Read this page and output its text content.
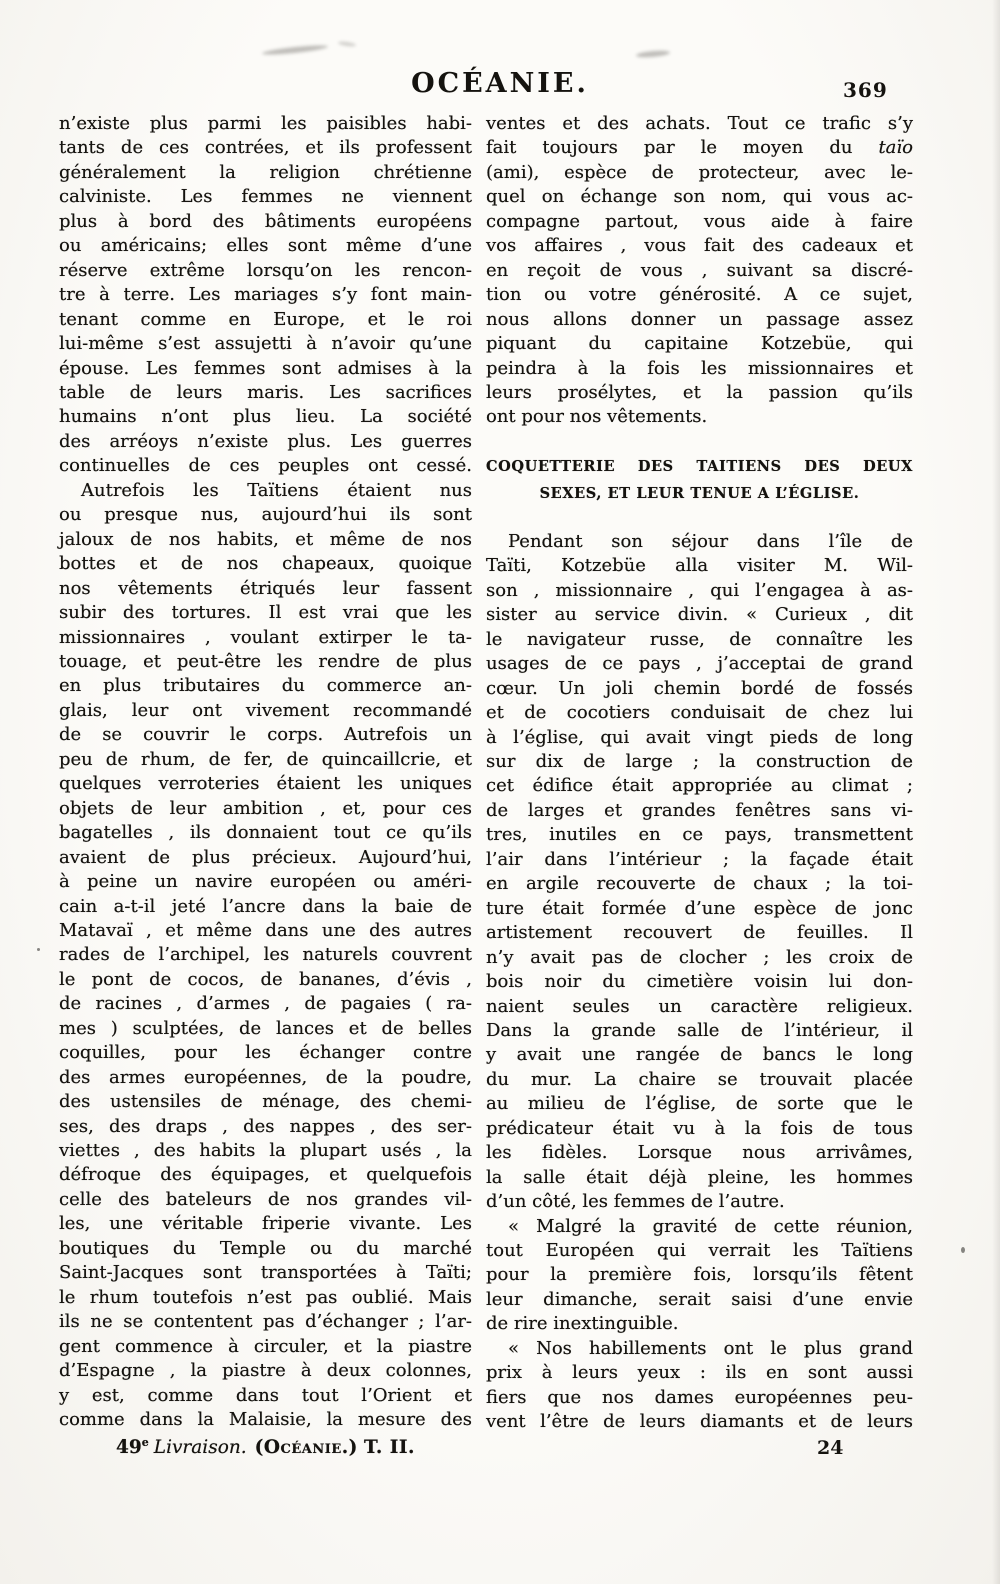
OCÉANIE.	369
n’existe plus parmi les paisibles habi-
tants de ces contrées, et ils professent
généralement la religion chrétienne
calviniste. Les femmes ne viennent
plus à bord des bâtiments européens
ou américains; elles sont même d’une
réserve extrême lorsqu’on les rencon-
tre à terre. Les mariages s’y font main-
tenant comme en Europe, et le roi
lui-même s’est assujetti à n’avoir qu’une
épouse. Les femmes sont admises à la
table de leurs maris. Les sacrifices
humains n’ont plus lieu. La société
des arréoys n’existe plus. Les guerres
continuelles de ces peuples ont cessé.
Autrefois les Taïtiens étaient nus
ou presque nus, aujourd’hui ils sont
jaloux de nos habits, et même de nos
bottes et de nos chapeaux, quoique
nos vêtements étriqués leur fassent
subir des tortures. Il est vrai que les
missionnaires , voulant extirper le ta-
touage, et peut-être les rendre de plus
en plus tributaires du commerce an-
glais, leur ont vivement recommandé
de se couvrir le corps. Autrefois un
peu de rhum, de fer, de quincaillcrie, et
quelques verroteries étaient les uniques
objets de leur ambition , et, pour ces
bagatelles , ils donnaient tout ce qu’ils
avaient de plus précieux. Aujourd’hui,
à peine un navire européen ou améri-
cain a-t-il jeté l’ancre dans la baie de
Matavaï , et même dans une des autres
rades de l’archipel, les naturels couvrent
le pont de cocos, de bananes, d’évis ,
de racines , d’armes , de pagaies ( ra-
mes ) sculptées, de lances et de belles
coquilles, pour les échanger contre
des armes européennes, de la poudre,
des ustensiles de ménage, des chemi-
ses, des draps , des nappes , des ser-
viettes , des habits la plupart usés , la
défroque des équipages, et quelquefois
celle des bateleurs de nos grandes vil-
les, une véritable friperie vivante. Les
boutiques du Temple ou du marché
Saint-Jacques sont transportées à Taïti;
le rhum toutefois n’est pas oublié. Mais
ils ne se contentent pas d’échanger ; l’ar-
gent commence à circuler, et la piastre
d’Espagne , la piastre à deux colonnes,
y est, comme dans tout l’Orient et
comme dans la Malaisie, la mesure des
ventes et des achats. Tout ce trafic s’y
fait toujours par le moyen du taïo
(ami), espèce de protecteur, avec le-
quel on échange son nom, qui vous ac-
compagne partout, vous aide à faire
vos affaires , vous fait des cadeaux et
en reçoit de vous , suivant sa discré-
tion ou votre générosité. A ce sujet,
nous allons donner un passage assez
piquant du capitaine Kotzebüe, qui
peindra à la fois les missionnaires et
leurs prosélytes, et la passion qu’ils
ont pour nos vêtements.
COQUETTERIE DES TAITIENS DES DEUX
SEXES, ET LEUR TENUE A L’ÉGLISE.
Pendant son séjour dans l’île de
Taïti, Kotzebüe alla visiter M. Wil-
son , missionnaire , qui l’engagea à as-
sister au service divin. « Curieux , dit
le navigateur russe, de connaître les
usages de ce pays , j’acceptai de grand
cœur. Un joli chemin bordé de fossés
et de cocotiers conduisait de chez lui
à l’église, qui avait vingt pieds de long
sur dix de large ; la construction de
cet édifice était appropriée au climat ;
de larges et grandes fenêtres sans vi-
tres, inutiles en ce pays, transmettent
l’air dans l’intérieur ; la façade était
en argile recouverte de chaux ; la toi-
ture était formée d’une espèce de jonc
artistement recouvert de feuilles. Il
n’y avait pas de clocher ; les croix de
bois noir du cimetière voisin lui don-
naient seules un caractère religieux.
Dans la grande salle de l’intérieur, il
y avait une rangée de bancs le long
du mur. La chaire se trouvait placée
au milieu de l’église, de sorte que le
prédicateur était vu à la fois de tous
les fidèles. Lorsque nous arrivâmes,
la salle était déjà pleine, les hommes
d’un côté, les femmes de l’autre.
« Malgré la gravité de cette réunion,
tout Européen qui verrait les Taïtiens
pour la première fois, lorsqu’ils fêtent
leur dimanche, serait saisi d’une envie
de rire inextinguible.
« Nos habillements ont le plus grand
prix à leurs yeux : ils en sont aussi
fiers que nos dames européennes peu-
vent l’être de leurs diamants et de leurs
49e Livraison. (Océanie.) T. II.	24
